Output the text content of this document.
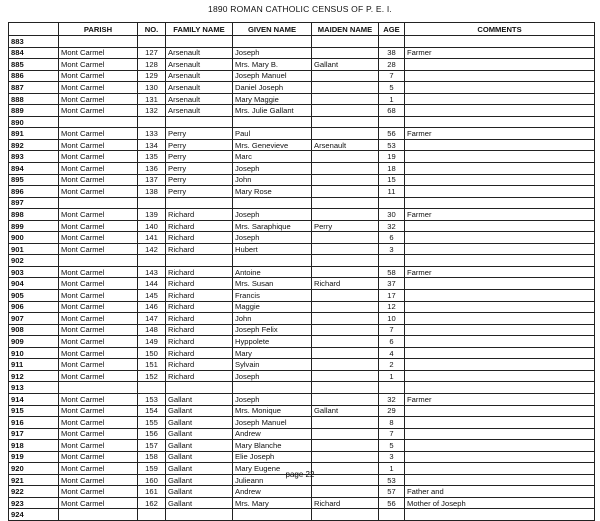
1890 ROMAN CATHOLIC CENSUS OF P. E. I.
	PARISH	NO.	FAMILY NAME	GIVEN NAME	MAIDEN NAME	AGE	COMMENTS
883							
884	Mont Carmel	127	Arsenault	Joseph		38	Farmer
885	Mont Carmel	128	Arsenault	Mrs. Mary B.	Gallant	28	
886	Mont Carmel	129	Arsenault	Joseph Manuel		7	
887	Mont Carmel	130	Arsenault	Daniel Joseph		5	
888	Mont Carmel	131	Arsenault	Mary Maggie		1	
889	Mont Carmel	132	Arsenault	Mrs. Julie Gallant		68	
890							
891	Mont Carmel	133	Perry	Paul		56	Farmer
892	Mont Carmel	134	Perry	Mrs. Genevieve	Arsenault	53	
893	Mont Carmel	135	Perry	Marc		19	
894	Mont Carmel	136	Perry	Joseph		18	
895	Mont Carmel	137	Perry	John		15	
896	Mont Carmel	138	Perry	Mary Rose		11	
897							
898	Mont Carmel	139	Richard	Joseph		30	Farmer
899	Mont Carmel	140	Richard	Mrs. Saraphique	Perry	32	
900	Mont Carmel	141	Richard	Joseph		6	
901	Mont Carmel	142	Richard	Hubert		3	
902							
903	Mont Carmel	143	Richard	Antoine		58	Farmer
904	Mont Carmel	144	Richard	Mrs. Susan	Richard	37	
905	Mont Carmel	145	Richard	Francis		17	
906	Mont Carmel	146	Richard	Maggie		12	
907	Mont Carmel	147	Richard	John		10	
908	Mont Carmel	148	Richard	Joseph Felix		7	
909	Mont Carmel	149	Richard	Hyppolete		6	
910	Mont Carmel	150	Richard	Mary		4	
911	Mont Carmel	151	Richard	Sylvain		2	
912	Mont Carmel	152	Richard	Joseph		1	
913							
914	Mont Carmel	153	Gallant	Joseph		32	Farmer
915	Mont Carmel	154	Gallant	Mrs. Monique	Gallant	29	
916	Mont Carmel	155	Gallant	Joseph Manuel		8	
917	Mont Carmel	156	Gallant	Andrew		7	
918	Mont Carmel	157	Gallant	Mary Blanche		5	
919	Mont Carmel	158	Gallant	Elie Joseph		3	
920	Mont Carmel	159	Gallant	Mary Eugene		1	
921	Mont Carmel	160	Gallant	Julieann		53	
922	Mont Carmel	161	Gallant	Andrew		57	Father and
923	Mont Carmel	162	Gallant	Mrs. Mary	Richard	56	Mother of Joseph
924							
page 22
